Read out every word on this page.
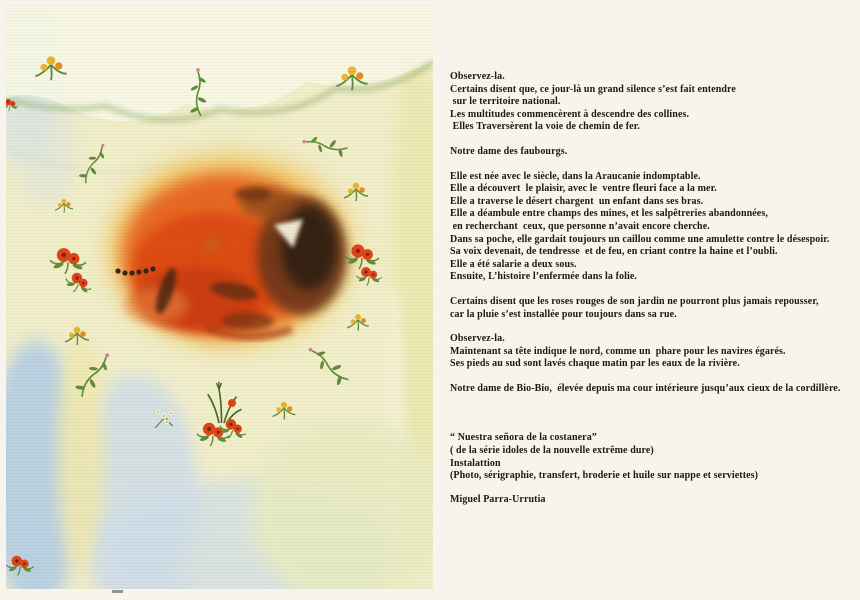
Observez-la.
Certains disent que, ce jour-là un grand silence s’est fait entendre
sur le territoire national.
Les multitudes commencèrent à descendre des collines.
Elles Traversèrent la voie de chemin de fer.
Notre dame des faubourgs.
Elle est née avec le siècle, dans la Araucanie indomptable.
Elle a découvert  le plaisir, avec le  ventre fleuri face a la mer.
Elle a traverse le désert chargent  un enfant dans ses bras.
Elle a déambule entre champs des mines, et les salpêtreries abandonnées,
en recherchant  ceux, que personne n’avait encore cherche.
Dans sa poche, elle gardait toujours un caillou comme une amulette contre le désespoir.
Sa voix devenait, de tendresse  et de feu, en criant contre la haine et l’oubli.
Elle a été salarie a deux sous.
Ensuite, L’histoire l’enfermée dans la folie.
Certains disent que les roses rouges de son jardin ne pourront plus jamais repousser,
car la pluie s’est installée pour toujours dans sa rue.
Observez-la.
Maintenant sa tête indique le nord, comme un  phare pour les navires égarés.
Ses pieds au sud sont lavés chaque matin par les eaux de la rivière.
Notre dame de Bio-Bio,  élevée depuis ma cour intérieure jusqu’aux cieux de la cordillère.
“ Nuestra señora de la costanera”
( de la série idoles de la nouvelle extrême dure)
Instalattion
(Photo, sérigraphie, transfert, broderie et huile sur nappe et serviettes)
Miguel Parra-Urrutia
